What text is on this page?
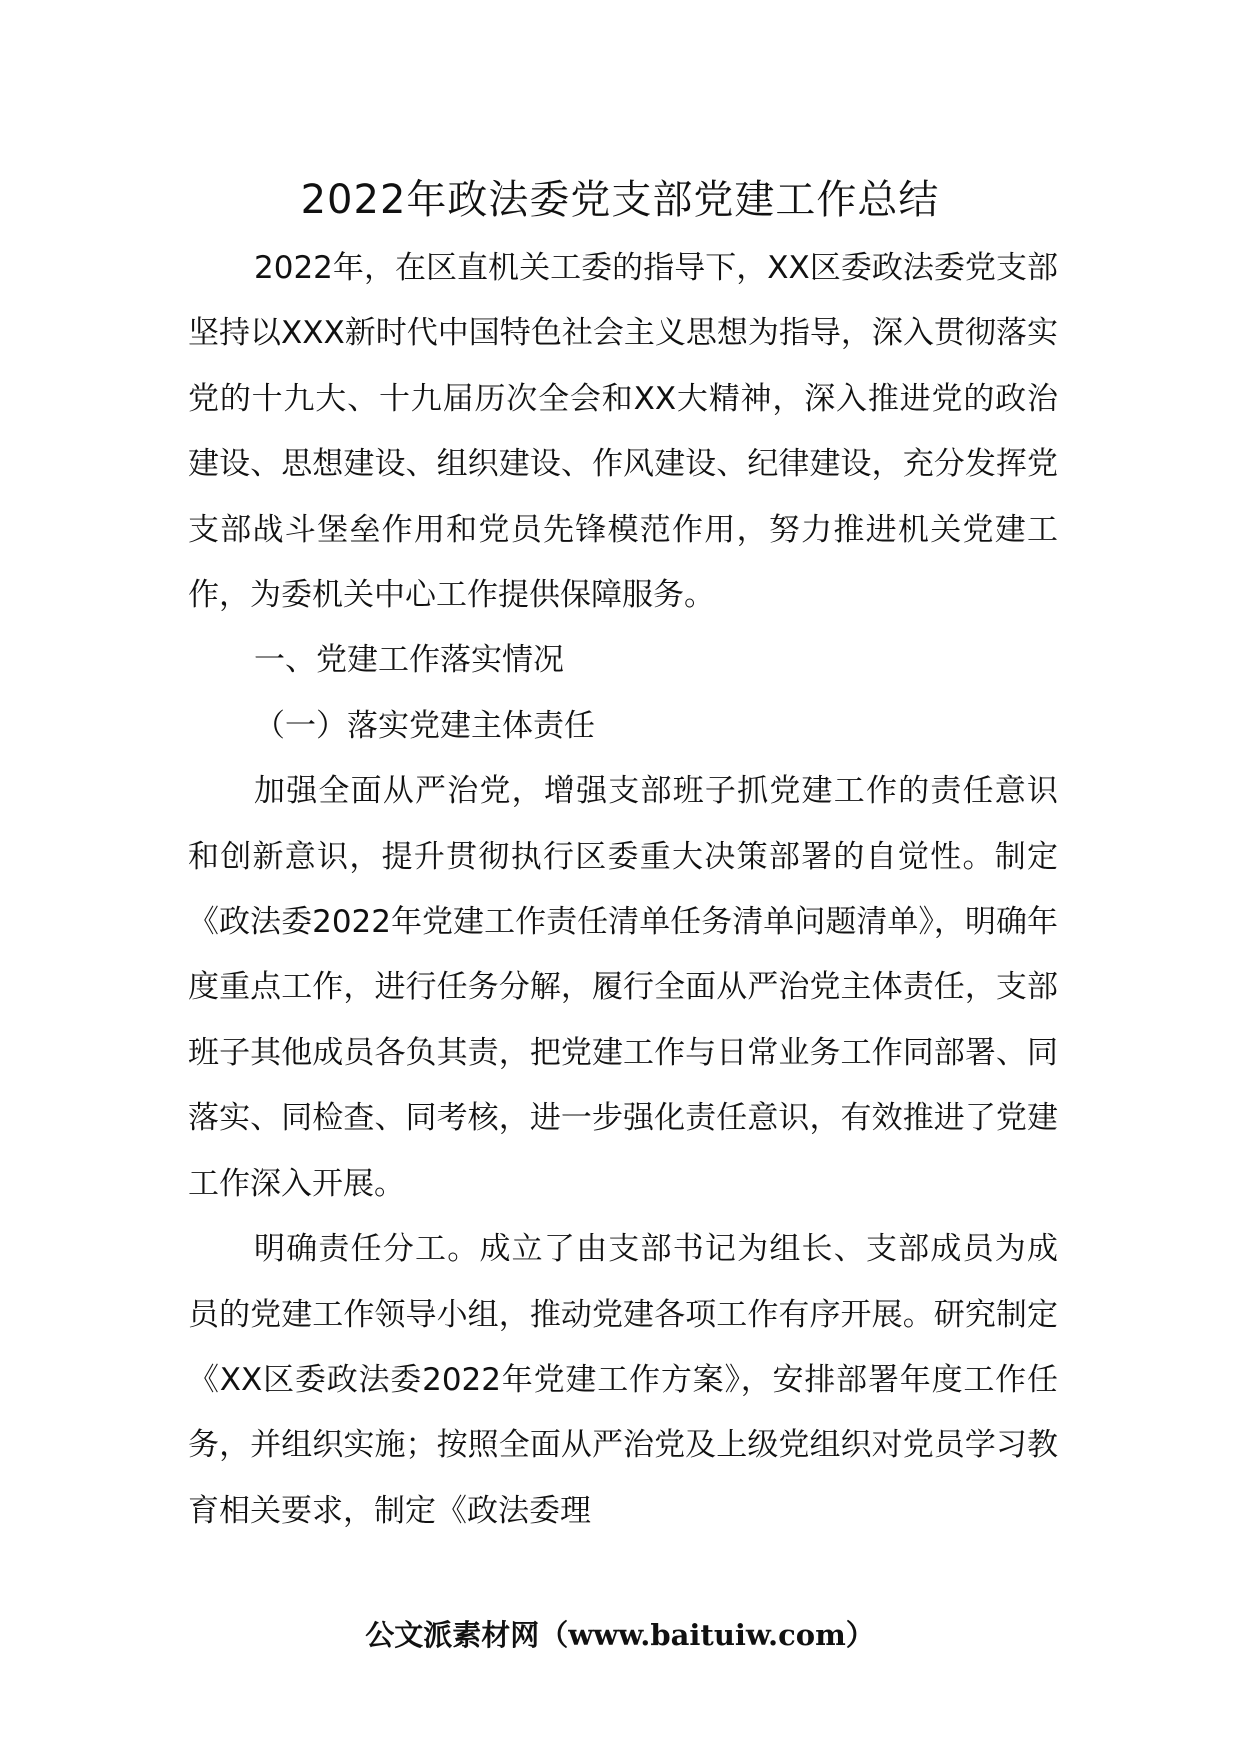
2022年政法委党支部党建工作总结

2022年，在区直机关工委的指导下，XX区委政法委党支部坚持以XXX新时代中国特色社会主义思想为指导，深入贯彻落实党的十九大、十九届历次全会和XX大精神，深入推进党的政治建设、思想建设、组织建设、作风建设、纪律建设，充分发挥党支部战斗堡垒作用和党员先锋模范作用，努力推进机关党建工作，为委机关中心工作提供保障服务。

一、党建工作落实情况

（一）落实党建主体责任

加强全面从严治党，增强支部班子抓党建工作的责任意识和创新意识，提升贯彻执行区委重大决策部署的自觉性。制定《政法委2022年党建工作责任清单任务清单问题清单》，明确年度重点工作，进行任务分解，履行全面从严治党主体责任，支部班子其他成员各负其责，把党建工作与日常业务工作同部署、同落实、同检查、同考核，进一步强化责任意识，有效推进了党建工作深入开展。

明确责任分工。成立了由支部书记为组长、支部成员为成员的党建工作领导小组，推动党建各项工作有序开展。研究制定《XX区委政法委2022年党建工作方案》，安排部署年度工作任务，并组织实施；按照全面从严治党及上级党组织对党员学习教育相关要求，制定《政法委理

公文派素材网（www.baituiw.com）
